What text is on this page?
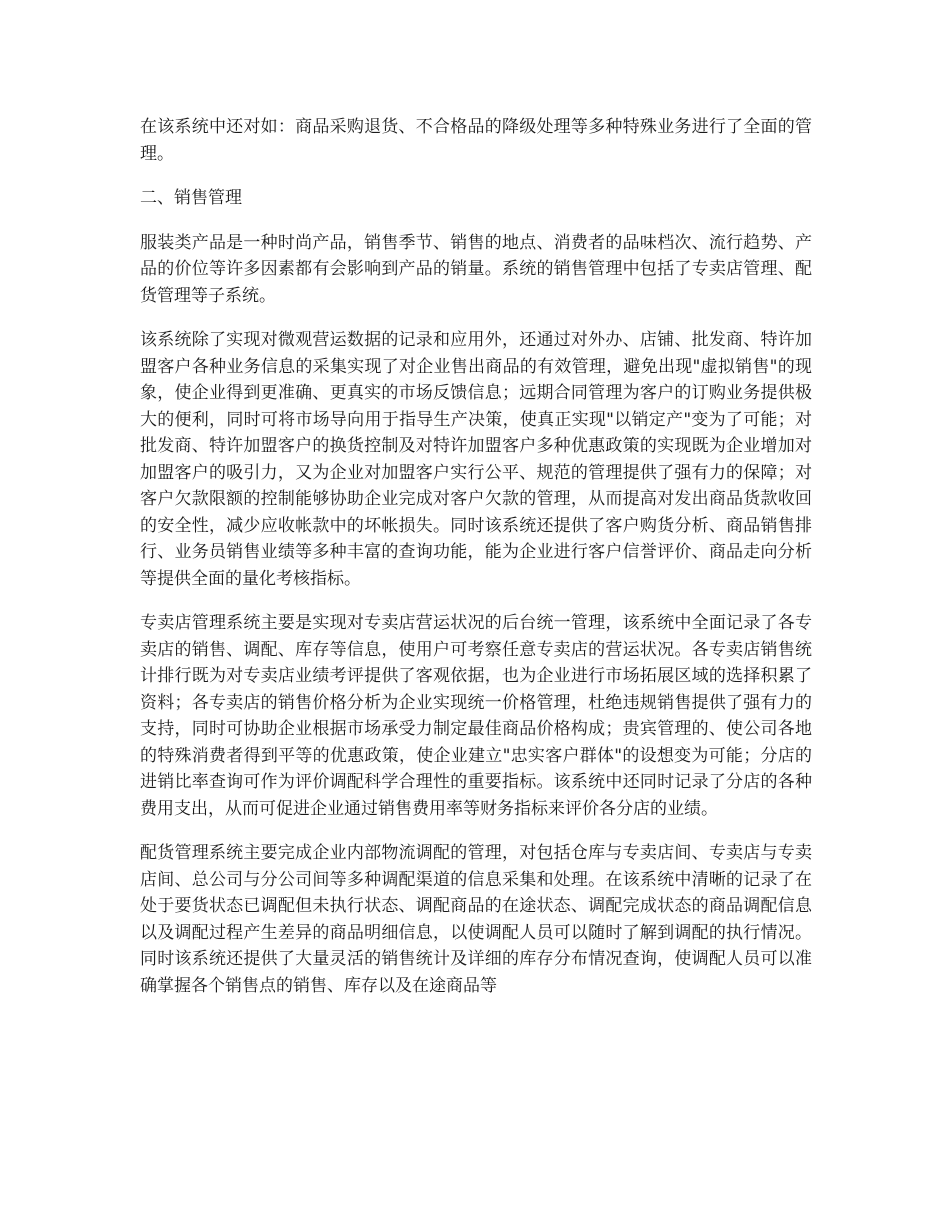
在该系统中还对如：商品采购退货、不合格品的降级处理等多种特殊业务进行了全面的管理。

二、销售管理

服装类产品是一种时尚产品，销售季节、销售的地点、消费者的品味档次、流行趋势、产品的价位等许多因素都有会影响到产品的销量。系统的销售管理中包括了专卖店管理、配货管理等子系统。

该系统除了实现对微观营运数据的记录和应用外，还通过对外办、店铺、批发商、特许加盟客户各种业务信息的采集实现了对企业售出商品的有效管理，避免出现"虚拟销售"的现象，使企业得到更准确、更真实的市场反馈信息；远期合同管理为客户的订购业务提供极大的便利，同时可将市场导向用于指导生产决策，使真正实现"以销定产"变为了可能；对批发商、特许加盟客户的换货控制及对特许加盟客户多种优惠政策的实现既为企业增加对加盟客户的吸引力，又为企业对加盟客户实行公平、规范的管理提供了强有力的保障；对客户欠款限额的控制能够协助企业完成对客户欠款的管理，从而提高对发出商品货款收回的安全性，减少应收帐款中的坏帐损失。同时该系统还提供了客户购货分析、商品销售排行、业务员销售业绩等多种丰富的查询功能，能为企业进行客户信誉评价、商品走向分析等提供全面的量化考核指标。

专卖店管理系统主要是实现对专卖店营运状况的后台统一管理，该系统中全面记录了各专卖店的销售、调配、库存等信息，使用户可考察任意专卖店的营运状况。各专卖店销售统计排行既为对专卖店业绩考评提供了客观依据，也为企业进行市场拓展区域的选择积累了资料；各专卖店的销售价格分析为企业实现统一价格管理，杜绝违规销售提供了强有力的支持，同时可协助企业根据市场承受力制定最佳商品价格构成；贵宾管理的、使公司各地的特殊消费者得到平等的优惠政策，使企业建立"忠实客户群体"的设想变为可能；分店的进销比率查询可作为评价调配科学合理性的重要指标。该系统中还同时记录了分店的各种费用支出，从而可促进企业通过销售费用率等财务指标来评价各分店的业绩。

配货管理系统主要完成企业内部物流调配的管理，对包括仓库与专卖店间、专卖店与专卖店间、总公司与分公司间等多种调配渠道的信息采集和处理。在该系统中清晰的记录了在处于要货状态已调配但未执行状态、调配商品的在途状态、调配完成状态的商品调配信息以及调配过程产生差异的商品明细信息，以使调配人员可以随时了解到调配的执行情况。同时该系统还提供了大量灵活的销售统计及详细的库存分布情况查询，使调配人员可以准确掌握各个销售点的销售、库存以及在途商品等
